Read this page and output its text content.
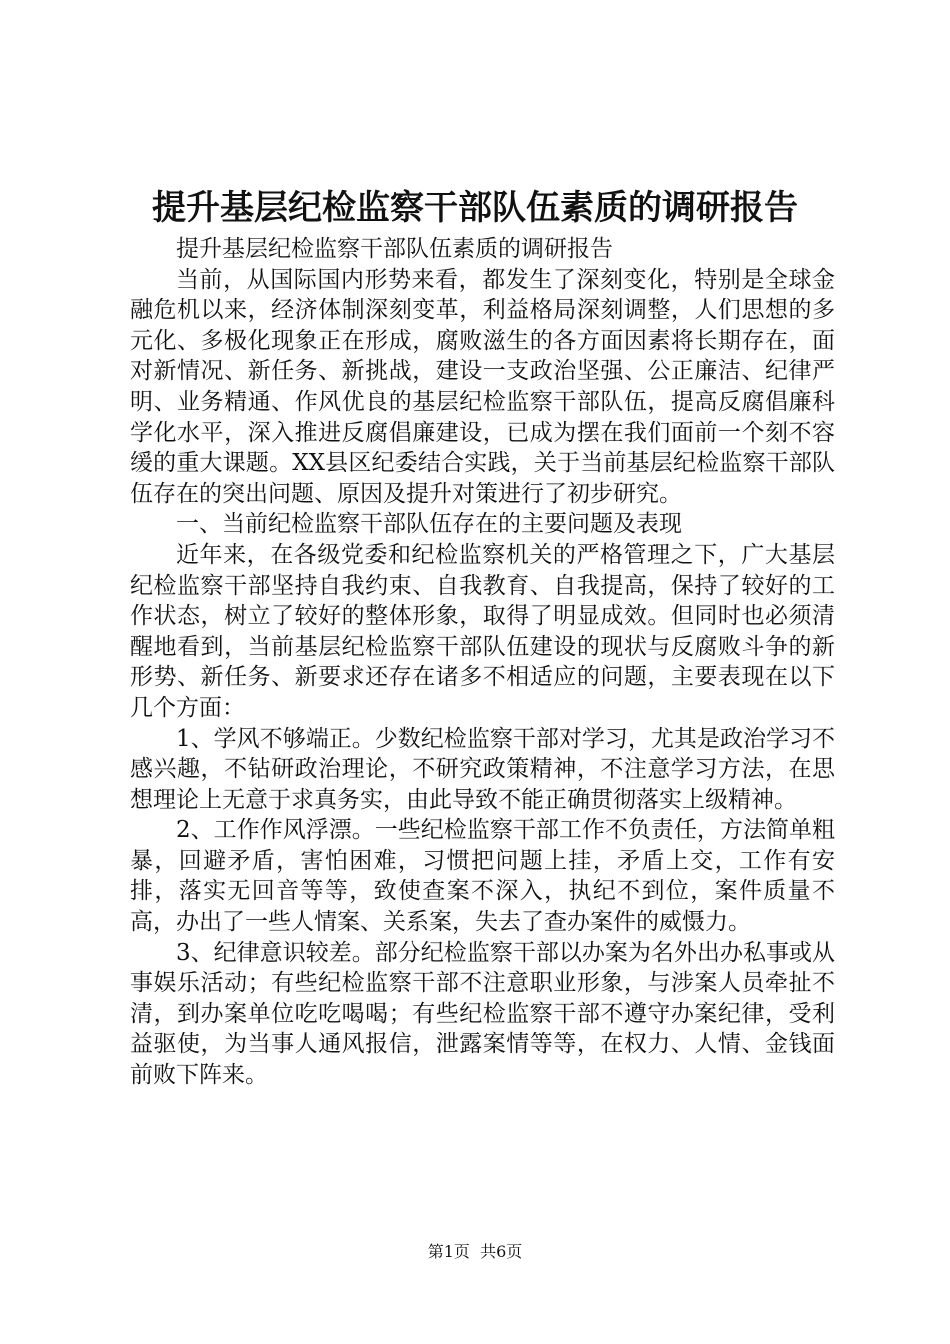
提升基层纪检监察干部队伍素质的调研报告

提升基层纪检监察干部队伍素质的调研报告

当前，从国际国内形势来看，都发生了深刻变化，特别是全球金融危机以来，经济体制深刻变革，利益格局深刻调整，人们思想的多元化、多极化现象正在形成，腐败滋生的各方面因素将长期存在，面对新情况、新任务、新挑战，建设一支政治坚强、公正廉洁、纪律严明、业务精通、作风优良的基层纪检监察干部队伍，提高反腐倡廉科学化水平，深入推进反腐倡廉建设，已成为摆在我们面前一个刻不容缓的重大课题。XX县区纪委结合实践，关于当前基层纪检监察干部队伍存在的突出问题、原因及提升对策进行了初步研究。

一、当前纪检监察干部队伍存在的主要问题及表现

近年来，在各级党委和纪检监察机关的严格管理之下，广大基层纪检监察干部坚持自我约束、自我教育、自我提高，保持了较好的工作状态，树立了较好的整体形象，取得了明显成效。但同时也必须清醒地看到，当前基层纪检监察干部队伍建设的现状与反腐败斗争的新形势、新任务、新要求还存在诸多不相适应的问题，主要表现在以下几个方面：

1、学风不够端正。少数纪检监察干部对学习，尤其是政治学习不感兴趣，不钻研政治理论，不研究政策精神，不注意学习方法，在思想理论上无意于求真务实，由此导致不能正确贯彻落实上级精神。

2、工作作风浮漂。一些纪检监察干部工作不负责任，方法简单粗暴，回避矛盾，害怕困难，习惯把问题上挂，矛盾上交，工作有安排，落实无回音等等，致使查案不深入，执纪不到位，案件质量不高，办出了一些人情案、关系案，失去了查办案件的威慑力。

3、纪律意识较差。部分纪检监察干部以办案为名外出办私事或从事娱乐活动；有些纪检监察干部不注意职业形象，与涉案人员牵扯不清，到办案单位吃吃喝喝；有些纪检监察干部不遵守办案纪律，受利益驱使，为当事人通风报信，泄露案情等等，在权力、人情、金钱面前败下阵来。

第1页  共6页
